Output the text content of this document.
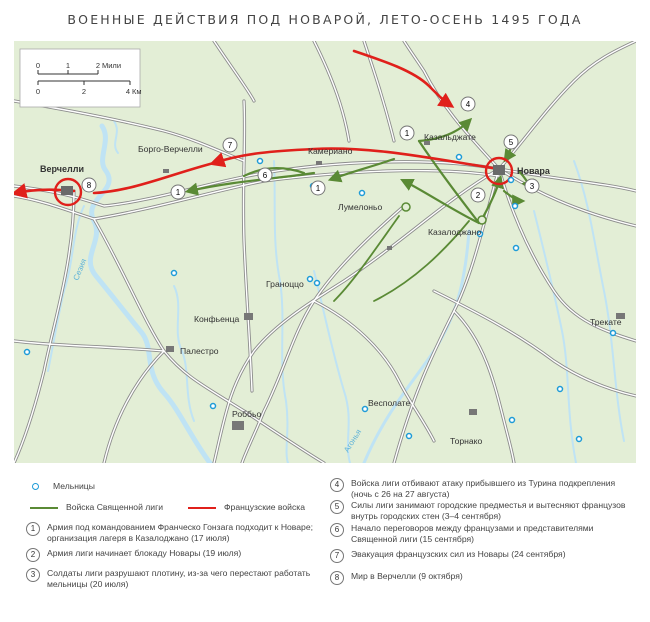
ВОЕННЫЕ ДЕЙСТВИЯ ПОД НОВАРОЙ, ЛЕТО-ОСЕНЬ 1495 ГОДА
0	1	2 Мили
0	2	4 Км
Верчелли
Борго-Верчелли	Камериано
Казальджате
Новара
Лумелоньо
Казалоджано
Граноццо
Конфьенца
Палестро
Роббьо
Весполате
Торнако
Трекате
Сезия
Агонья
1
1
1	2
3
4
5
6
7
8
Мельницы
Войска Священной лиги	Французские войска
1	Армия под командованием Франческо Гонзага подходит к Новаре; организация лагеря в Казалоджано (17 июля)
2	Армия лиги начинает блокаду Новары (19 июля)
3	Солдаты лиги разрушают плотину, из-за чего перестают работать мельницы (20 июля)
4	Войска лиги отбивают атаку прибывшего из Турина подкрепления (ночь с 26 на 27 августа)
5	Силы лиги занимают городские предместья и вытесняют французов внутрь городских стен (3–4 сентября)
6	Начало переговоров между французами и представителями Священной лиги (15 сентября)
7	Эвакуация французских сил из Новары (24 сентября)
8	Мир в Верчелли (9 октября)
